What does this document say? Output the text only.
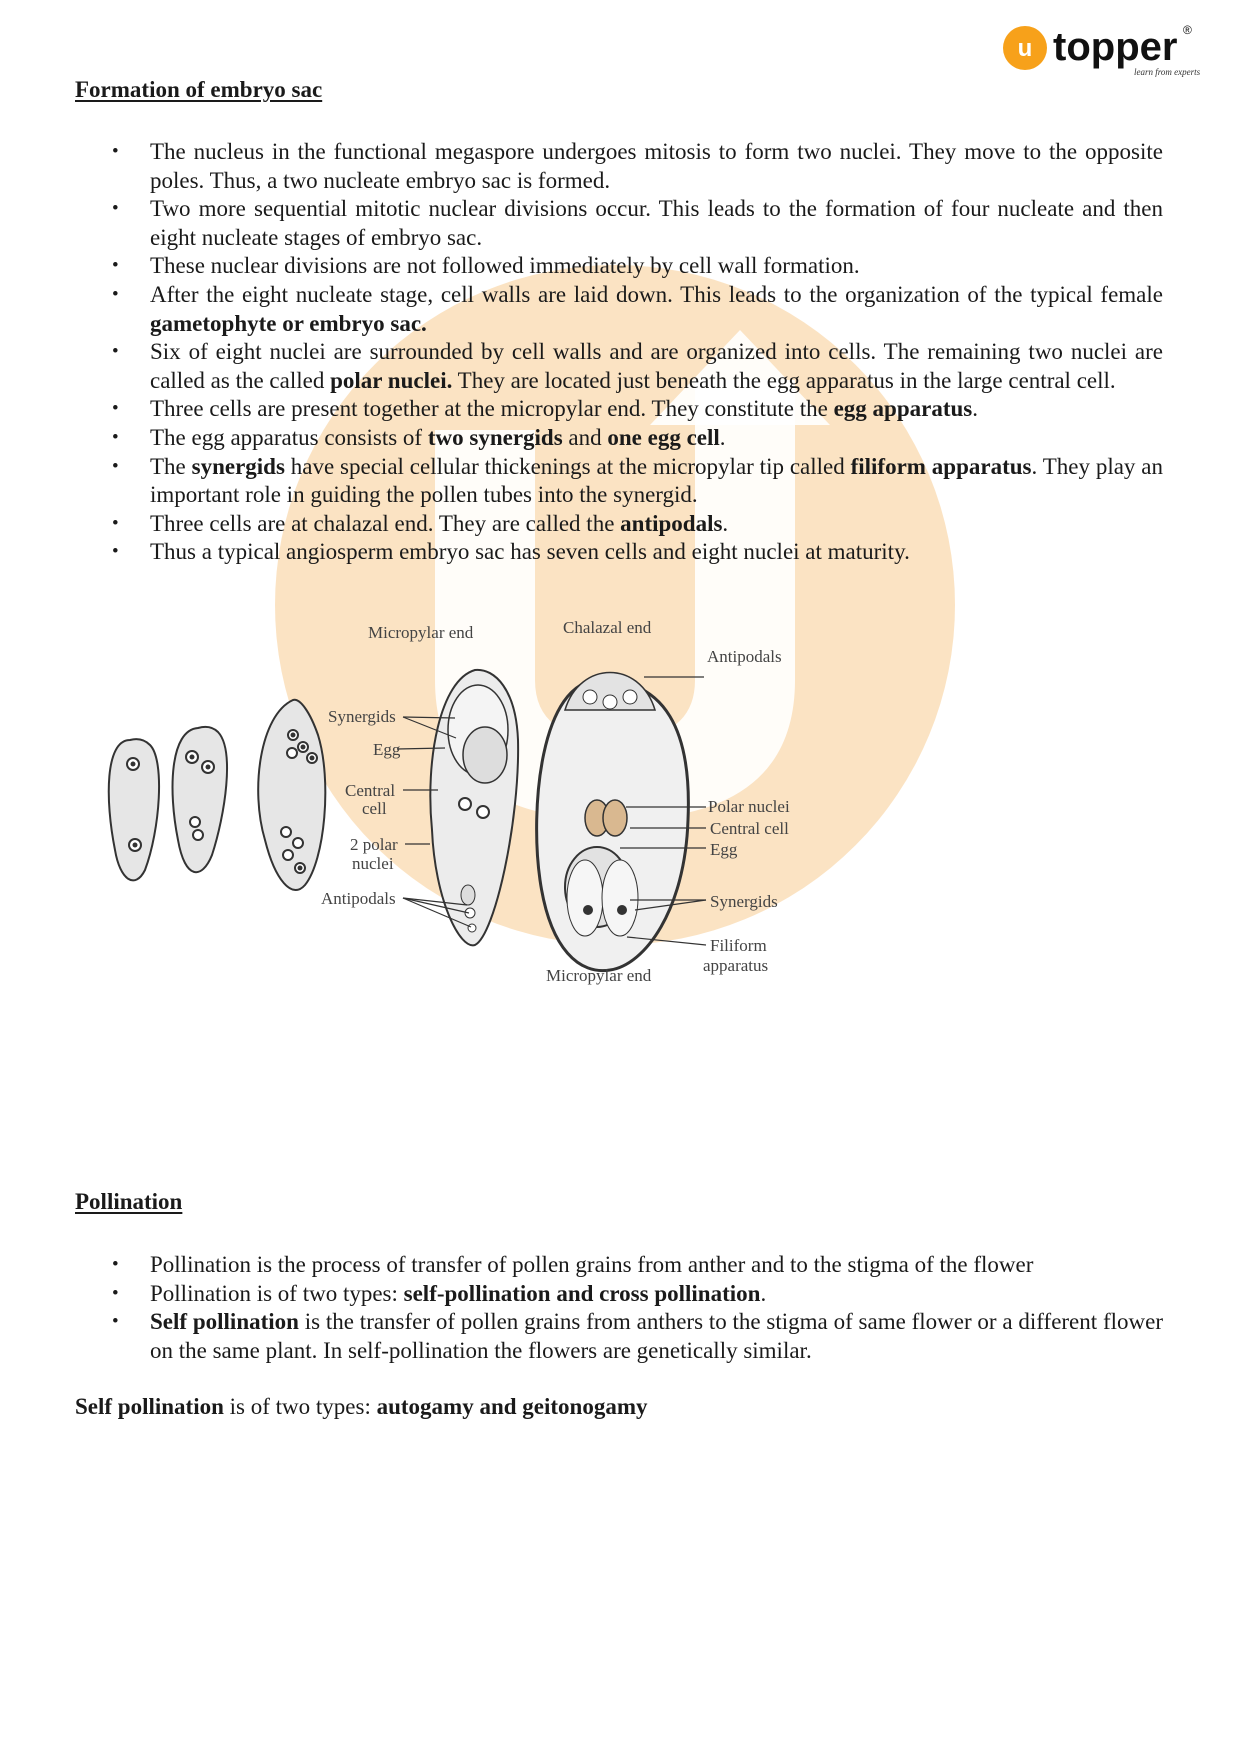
u topper ®
learn from experts
Formation of embryo sac
• The nucleus in the functional megaspore undergoes mitosis to form two nuclei. They move to the opposite poles. Thus, a two nucleate embryo sac is formed.
• Two more sequential mitotic nuclear divisions occur. This leads to the formation of four nucleate and then eight nucleate stages of embryo sac.
• These nuclear divisions are not followed immediately by cell wall formation.
• After the eight nucleate stage, cell walls are laid down. This leads to the organization of the typical female gametophyte or embryo sac.
• Six of eight nuclei are surrounded by cell walls and are organized into cells. The remaining two nuclei are called as the called polar nuclei. They are located just beneath the egg apparatus in the large central cell.
• Three cells are present together at the micropylar end. They constitute the egg apparatus.
• The egg apparatus consists of two synergids and one egg cell.
• The synergids have special cellular thickenings at the micropylar tip called filiform apparatus. They play an important role in guiding the pollen tubes into the synergid.
• Three cells are at chalazal end. They are called the antipodals.
• Thus a typical angiosperm embryo sac has seven cells and eight nuclei at maturity.
Micropylar end	Chalazal end
Antipodals
Synergids
Egg
Central
cell
2 polar
nuclei
Antipodals
Polar nuclei
Central cell
Egg
Synergids
Filiform
apparatus
Micropylar end
Pollination
• Pollination is the process of transfer of pollen grains from anther and to the stigma of the flower
• Pollination is of two types: self-pollination and cross pollination.
• Self pollination is the transfer of pollen grains from anthers to the stigma of same flower or a different flower on the same plant. In self-pollination the flowers are genetically similar.

Self pollination is of two types: autogamy and geitonogamy
